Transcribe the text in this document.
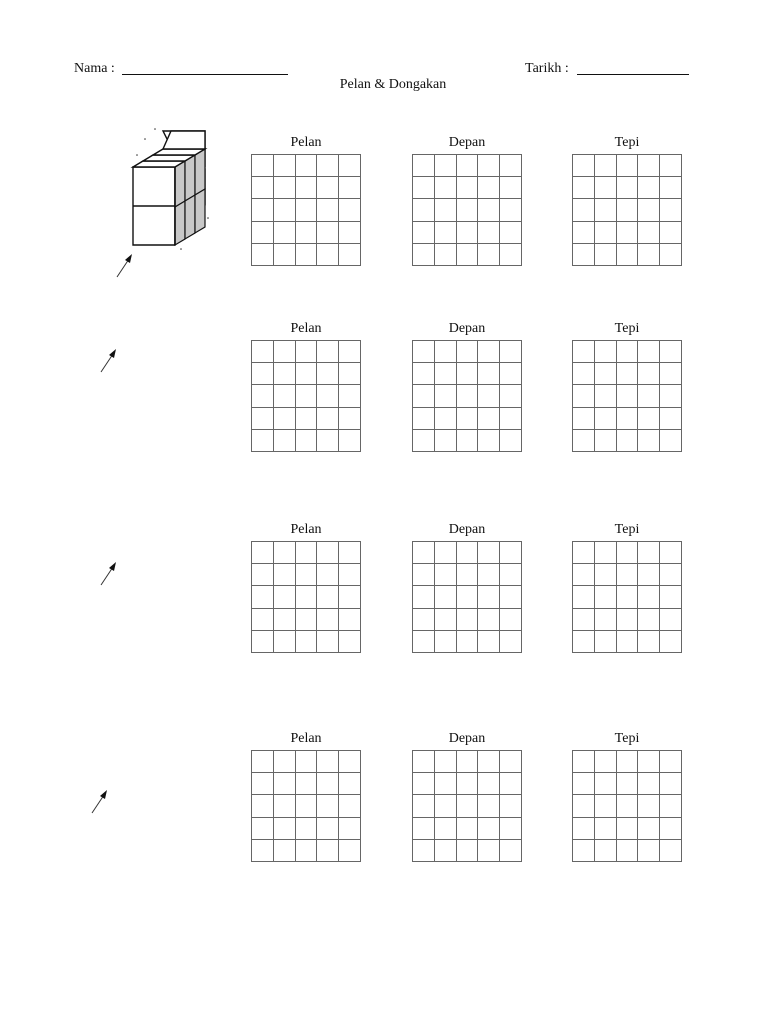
Nama :	Tarikh :
Pelan & Dongakan
Pelan	Depan	Tepi
Pelan	Depan	Tepi
Pelan	Depan	Tepi
Pelan	Depan	Tepi
